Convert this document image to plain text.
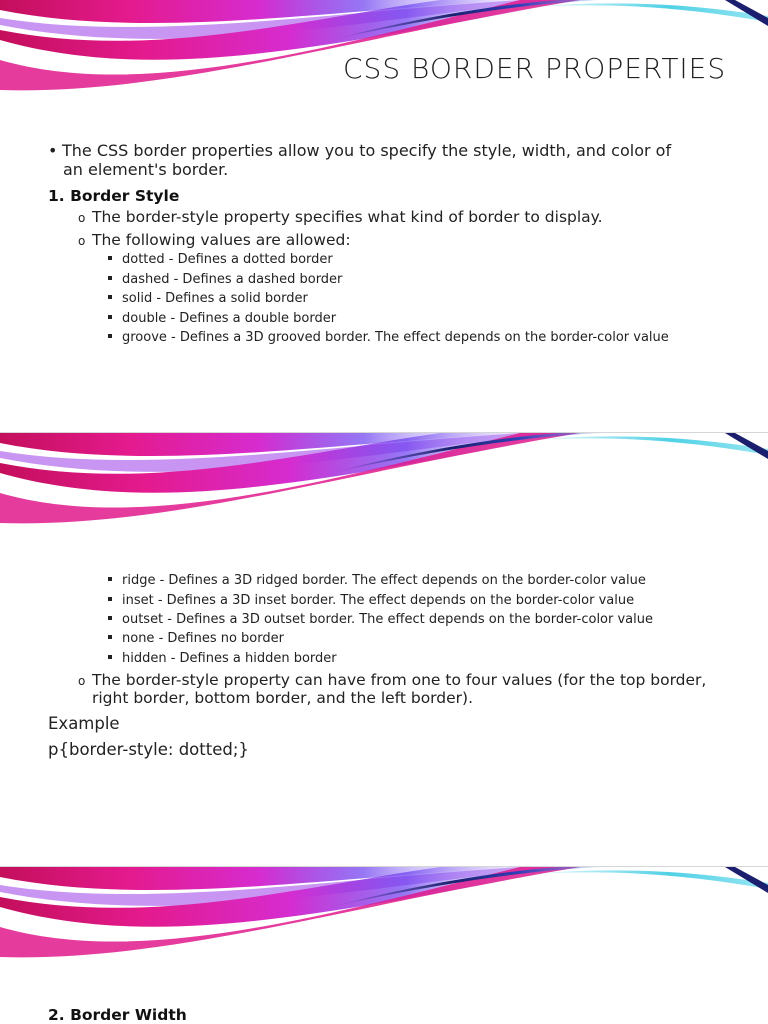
CSS BORDER PROPERTIES
• The CSS border properties allow you to specify the style, width, and color of
an element's border.
1. Border Style
o The border-style property specifies what kind of border to display.
o The following values are allowed:
dotted - Defines a dotted border
dashed - Defines a dashed border
solid - Defines a solid border
double - Defines a double border
groove - Defines a 3D grooved border. The effect depends on the border-color value
ridge - Defines a 3D ridged border. The effect depends on the border-color value
inset - Defines a 3D inset border. The effect depends on the border-color value
outset - Defines a 3D outset border. The effect depends on the border-color value
none - Defines no border
hidden - Defines a hidden border
o The border-style property can have from one to four values (for the top border,
right border, bottom border, and the left border).
Example
p{border-style: dotted;}
2. Border Width
